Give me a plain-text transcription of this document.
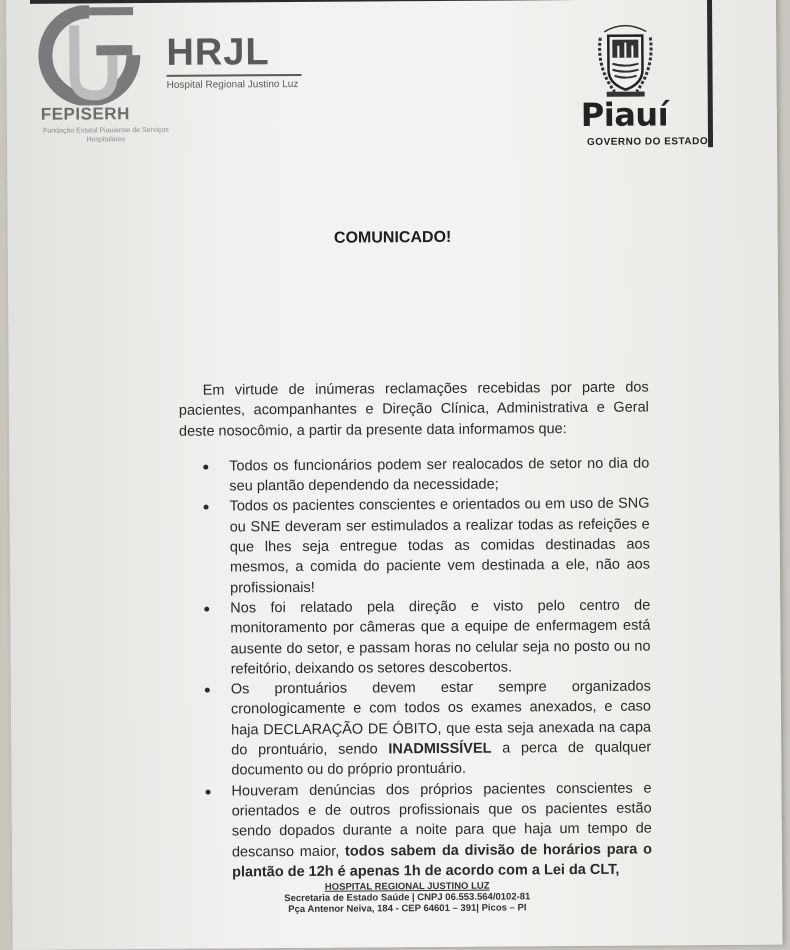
FEPISERH
Fundação Estatal Piauiense de Serviços Hospitalares
HRJL
Hospital Regional Justino Luz
Piauí
GOVERNO DO ESTADO
COMUNICADO!

Em virtude de inúmeras reclamações recebidas por parte dos pacientes, acompanhantes e Direção Clínica, Administrativa e Geral deste nosocômio, a partir da presente data informamos que:

Todos os funcionários podem ser realocados de setor no dia do seu plantão dependendo da necessidade;
Todos os pacientes conscientes e orientados ou em uso de SNG ou SNE deveram ser estimulados a realizar todas as refeições e que lhes seja entregue todas as comidas destinadas aos mesmos, a comida do paciente vem destinada a ele, não aos profissionais!
Nos foi relatado pela direção e visto pelo centro de monitoramento por câmeras que a equipe de enfermagem está ausente do setor, e passam horas no celular seja no posto ou no refeitório, deixando os setores descobertos.
Os prontuários devem estar sempre organizados cronologicamente e com todos os exames anexados, e caso haja DECLARAÇÃO DE ÓBITO, que esta seja anexada na capa do prontuário, sendo INADMISSÍVEL a perca de qualquer documento ou do próprio prontuário.
Houveram denúncias dos próprios pacientes conscientes e orientados e de outros profissionais que os pacientes estão sendo dopados durante a noite para que haja um tempo de descanso maior, todos sabem da divisão de horários para o plantão de 12h é apenas 1h de acordo com a Lei da CLT,
HOSPITAL REGIONAL JUSTINO LUZ
Secretaria de Estado Saúde | CNPJ 06.553.564/0102-81
Pça Antenor Neiva, 184 - CEP 64601 – 391| Picos – PI
